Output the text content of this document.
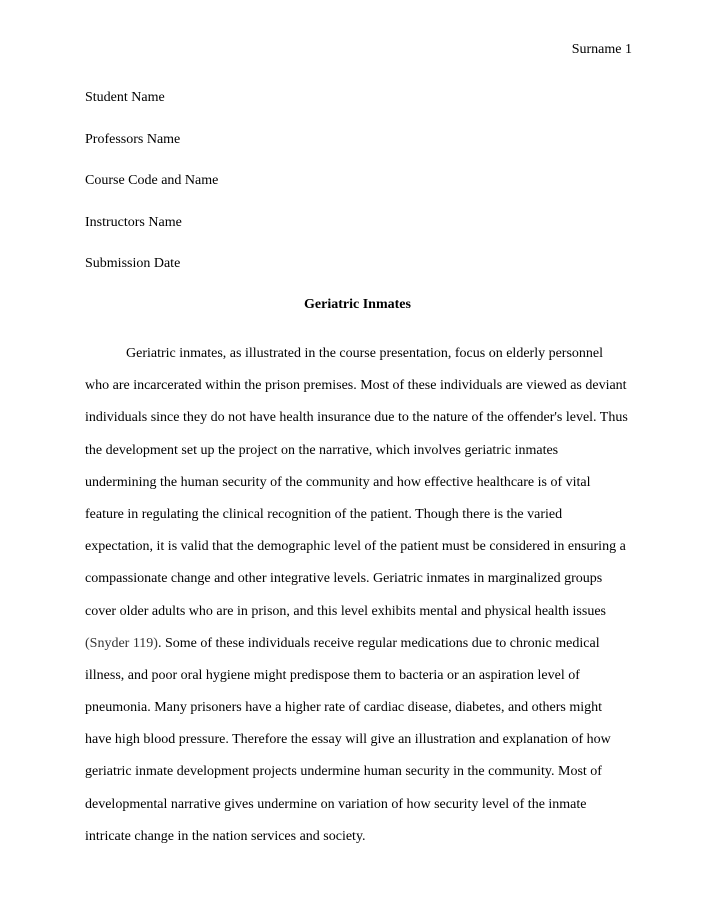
Surname 1
Student Name
Professors Name
Course Code and Name
Instructors Name
Submission Date
Geriatric Inmates
Geriatric inmates, as illustrated in the course presentation, focus on elderly personnel
who are incarcerated within the prison premises. Most of these individuals are viewed as deviant
individuals since they do not have health insurance due to the nature of the offender's level. Thus
the development set up the project on the narrative, which involves geriatric inmates
undermining the human security of the community and how effective healthcare is of vital
feature in regulating the clinical recognition of the patient. Though there is the varied
expectation, it is valid that the demographic level of the patient must be considered in ensuring a
compassionate change and other integrative levels. Geriatric inmates in marginalized groups
cover older adults who are in prison, and this level exhibits mental and physical health issues
(Snyder 119). Some of these individuals receive regular medications due to chronic medical
illness, and poor oral hygiene might predispose them to bacteria or an aspiration level of
pneumonia. Many prisoners have a higher rate of cardiac disease, diabetes, and others might
have high blood pressure. Therefore the essay will give an illustration and explanation of how
geriatric inmate development projects undermine human security in the community. Most of
developmental narrative gives undermine on variation of how security level of the inmate
intricate change in the nation services and society.
